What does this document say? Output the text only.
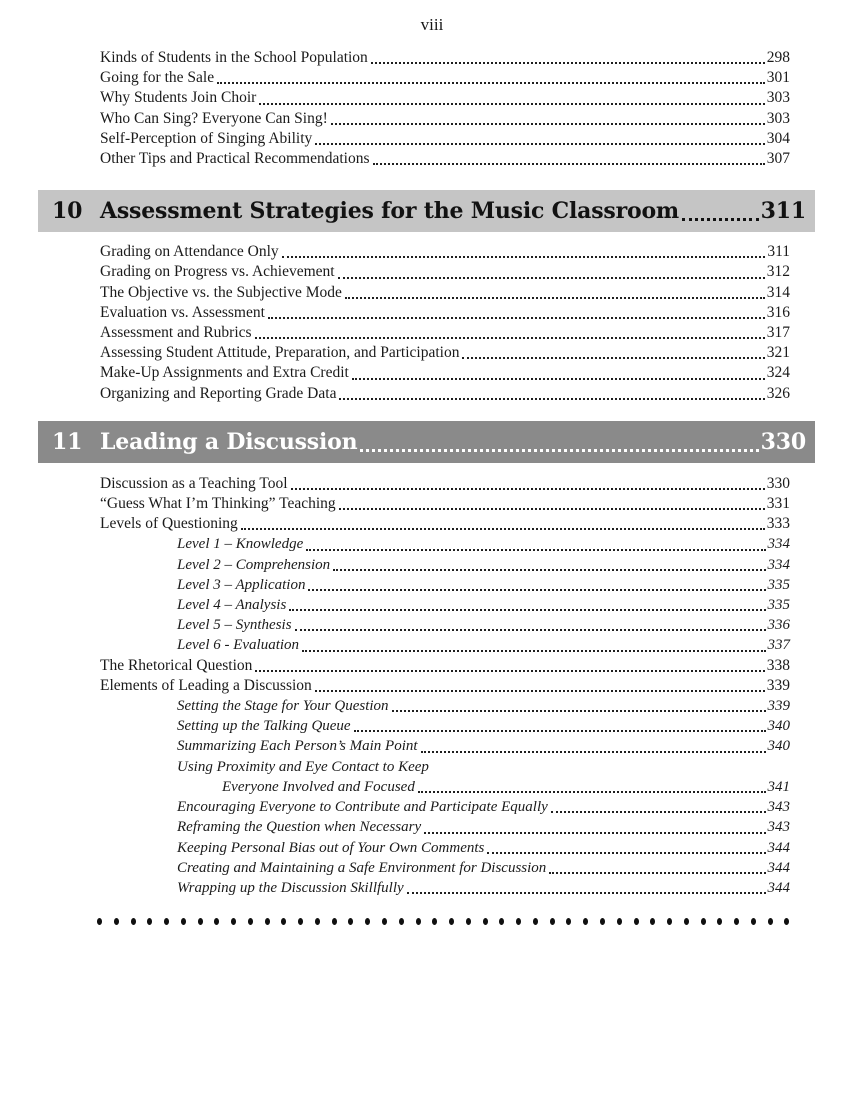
viii
Kinds of Students in the School Population	298
Going for the Sale	301
Why Students Join Choir	303
Who Can Sing? Everyone Can Sing!	303
Self-Perception of Singing Ability	304
Other Tips and Practical Recommendations	307
10 Assessment Strategies for the Music Classroom	311
Grading on Attendance Only	311
Grading on Progress vs. Achievement	312
The Objective vs. the Subjective Mode	314
Evaluation vs. Assessment	316
Assessment and Rubrics	317
Assessing Student Attitude, Preparation, and Participation	321
Make-Up Assignments and Extra Credit	324
Organizing and Reporting Grade Data	326
11 Leading a Discussion	330
Discussion as a Teaching Tool	330
“Guess What I’m Thinking” Teaching	331
Levels of Questioning	333
Level 1 – Knowledge	334
Level 2 – Comprehension	334
Level 3 – Application	335
Level 4 – Analysis	335
Level 5 – Synthesis	336
Level 6 - Evaluation	337
The Rhetorical Question	338
Elements of Leading a Discussion	339
Setting the Stage for Your Question	339
Setting up the Talking Queue	340
Summarizing Each Person’s Main Point	340
Using Proximity and Eye Contact to Keep
Everyone Involved and Focused	341
Encouraging Everyone to Contribute and Participate Equally	343
Reframing the Question when Necessary	343
Keeping Personal Bias out of Your Own Comments	344
Creating and Maintaining a Safe Environment for Discussion	344
Wrapping up the Discussion Skillfully	344
